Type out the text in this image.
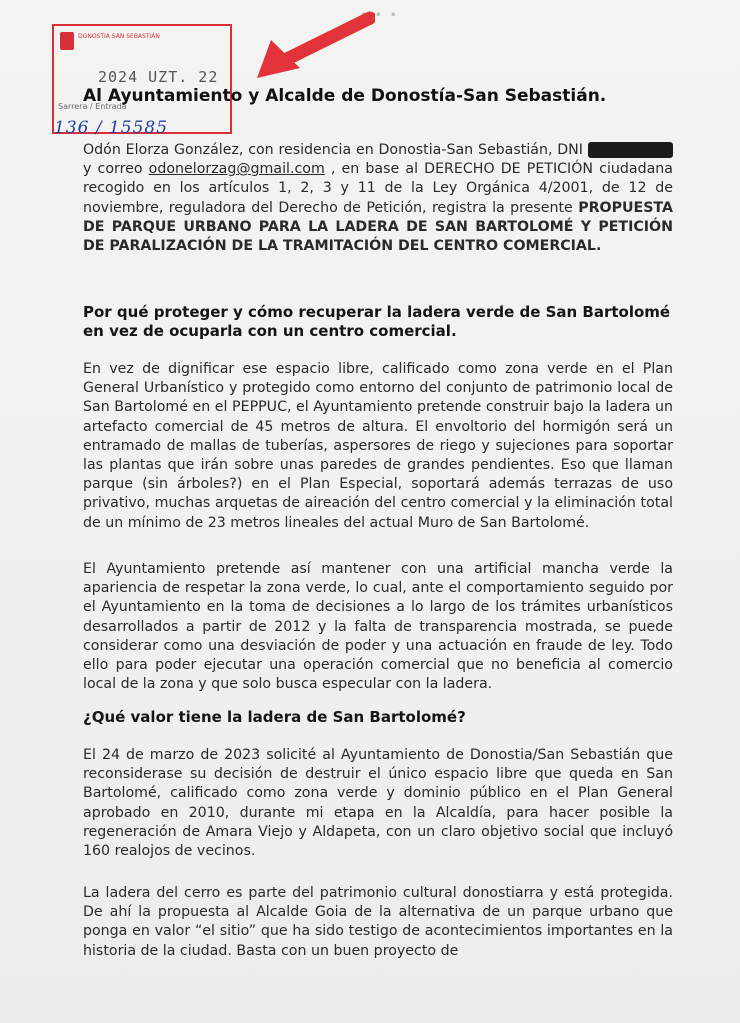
• • •
DONOSTIA SAN SEBASTIÁN
2024 UZT. 22
Sarrera / Entrada
136 / 15585
Al Ayuntamiento y Alcalde de Donostía-San Sebastián.
Odón Elorza González, con residencia en Donostia-San Sebastián, DNI 15.111.020 y correo odonelorzag@gmail.com , en base al DERECHO DE PETICIÓN ciudadana recogido en los artículos 1, 2, 3 y 11 de la Ley Orgánica 4/2001, de 12 de noviembre, reguladora del Derecho de Petición, registra la presente PROPUESTA DE PARQUE URBANO PARA LA LADERA DE SAN BARTOLOMÉ Y PETICIÓN DE PARALIZACIÓN DE LA TRAMITACIÓN DEL CENTRO COMERCIAL.
Por qué proteger y cómo recuperar la ladera verde de San Bartolomé en vez de ocuparla con un centro comercial.
En vez de dignificar ese espacio libre, calificado como zona verde en el Plan General Urbanístico y protegido como entorno del conjunto de patrimonio local de San Bartolomé en el PEPPUC, el Ayuntamiento pretende construir bajo la ladera un artefacto comercial de 45 metros de altura. El envoltorio del hormigón será un entramado de mallas de tuberías, aspersores de riego y sujeciones para soportar las plantas que irán sobre unas paredes de grandes pendientes. Eso que llaman parque (sin árboles?) en el Plan Especial, soportará además terrazas de uso privativo, muchas arquetas de aireación del centro comercial y la eliminación total de un mínimo de 23 metros lineales del actual Muro de San Bartolomé.
El Ayuntamiento pretende así mantener con una artificial mancha verde la apariencia de respetar la zona verde, lo cual, ante el comportamiento seguido por el Ayuntamiento en la toma de decisiones a lo largo de los trámites urbanísticos desarrollados a partir de 2012 y la falta de transparencia mostrada, se puede considerar como una desviación de poder y una actuación en fraude de ley. Todo ello para poder ejecutar una operación comercial que no beneficia al comercio local de la zona y que solo busca especular con la ladera.
¿Qué valor tiene la ladera de San Bartolomé?
El 24 de marzo de 2023 solicité al Ayuntamiento de Donostia/San Sebastián que reconsiderase su decisión de destruir el único espacio libre que queda en San Bartolomé, calificado como zona verde y dominio público en el Plan General aprobado en 2010, durante mi etapa en la Alcaldía, para hacer posible la regeneración de Amara Viejo y Aldapeta, con un claro objetivo social que incluyó 160 realojos de vecinos.
La ladera del cerro es parte del patrimonio cultural donostiarra y está protegida. De ahí la propuesta al Alcalde Goia de la alternativa de un parque urbano que ponga en valor “el sitio” que ha sido testigo de acontecimientos importantes en la historia de la ciudad. Basta con un buen proyecto de
